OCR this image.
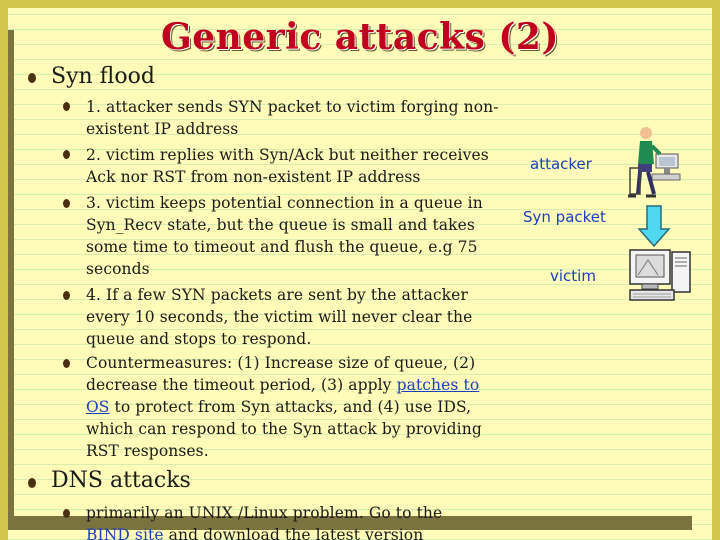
Generic attacks (2)
Syn flood
1. attacker sends SYN packet to victim forging non-
existent IP address
2. victim replies with Syn/Ack but neither receives
Ack nor RST from non-existent IP address
3. victim keeps potential connection in a queue in
Syn_Recv state, but the queue is small and takes
some time to timeout and flush the queue, e.g 75
seconds
4. If a few SYN packets are sent by the attacker
every 10 seconds, the victim will never clear the
queue and stops to respond.
Countermeasures: (1) Increase size of queue, (2)
decrease the timeout period, (3) apply patches to
OS to protect from Syn attacks, and (4) use IDS,
which can respond to the Syn attack by providing
RST responses.
DNS attacks
primarily an UNIX /Linux problem. Go to the
BIND site and download the latest version
attacker
Syn packet
victim
